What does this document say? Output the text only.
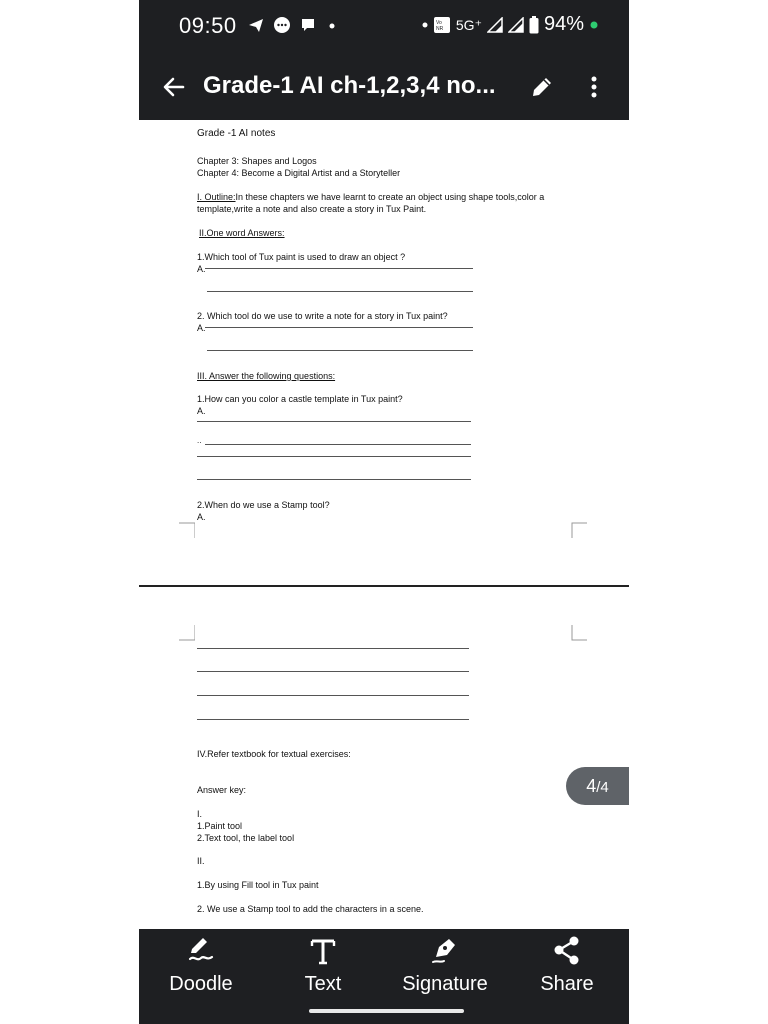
09:50	Vo
NR 5G⁺	94%
Grade-1 AI ch-1,2,3,4 no...
Grade -1 AI notes
Chapter 3: Shapes and Logos
Chapter 4: Become a Digital Artist and a Storyteller
I. Outline:In these chapters we have learnt to create an object using shape tools,color a
template,write a note and also create a story in Tux Paint.
II.One word Answers:
1.Which tool of Tux paint is used to draw an object ?
A.
2. Which tool do we use to write a note for a story in Tux paint?
A.
III. Answer the following questions:
1.How can you color a castle template in Tux paint?
A.
..
2.When do we use a Stamp tool?
A.
IV.Refer textbook for textual exercises:
Answer key:
I.
1.Paint tool
2.Text tool, the label tool
II.
1.By using Fill tool in Tux paint
2. We use a Stamp tool to add the characters in a scene.
4/4
Doodle	Text	Signature	Share
